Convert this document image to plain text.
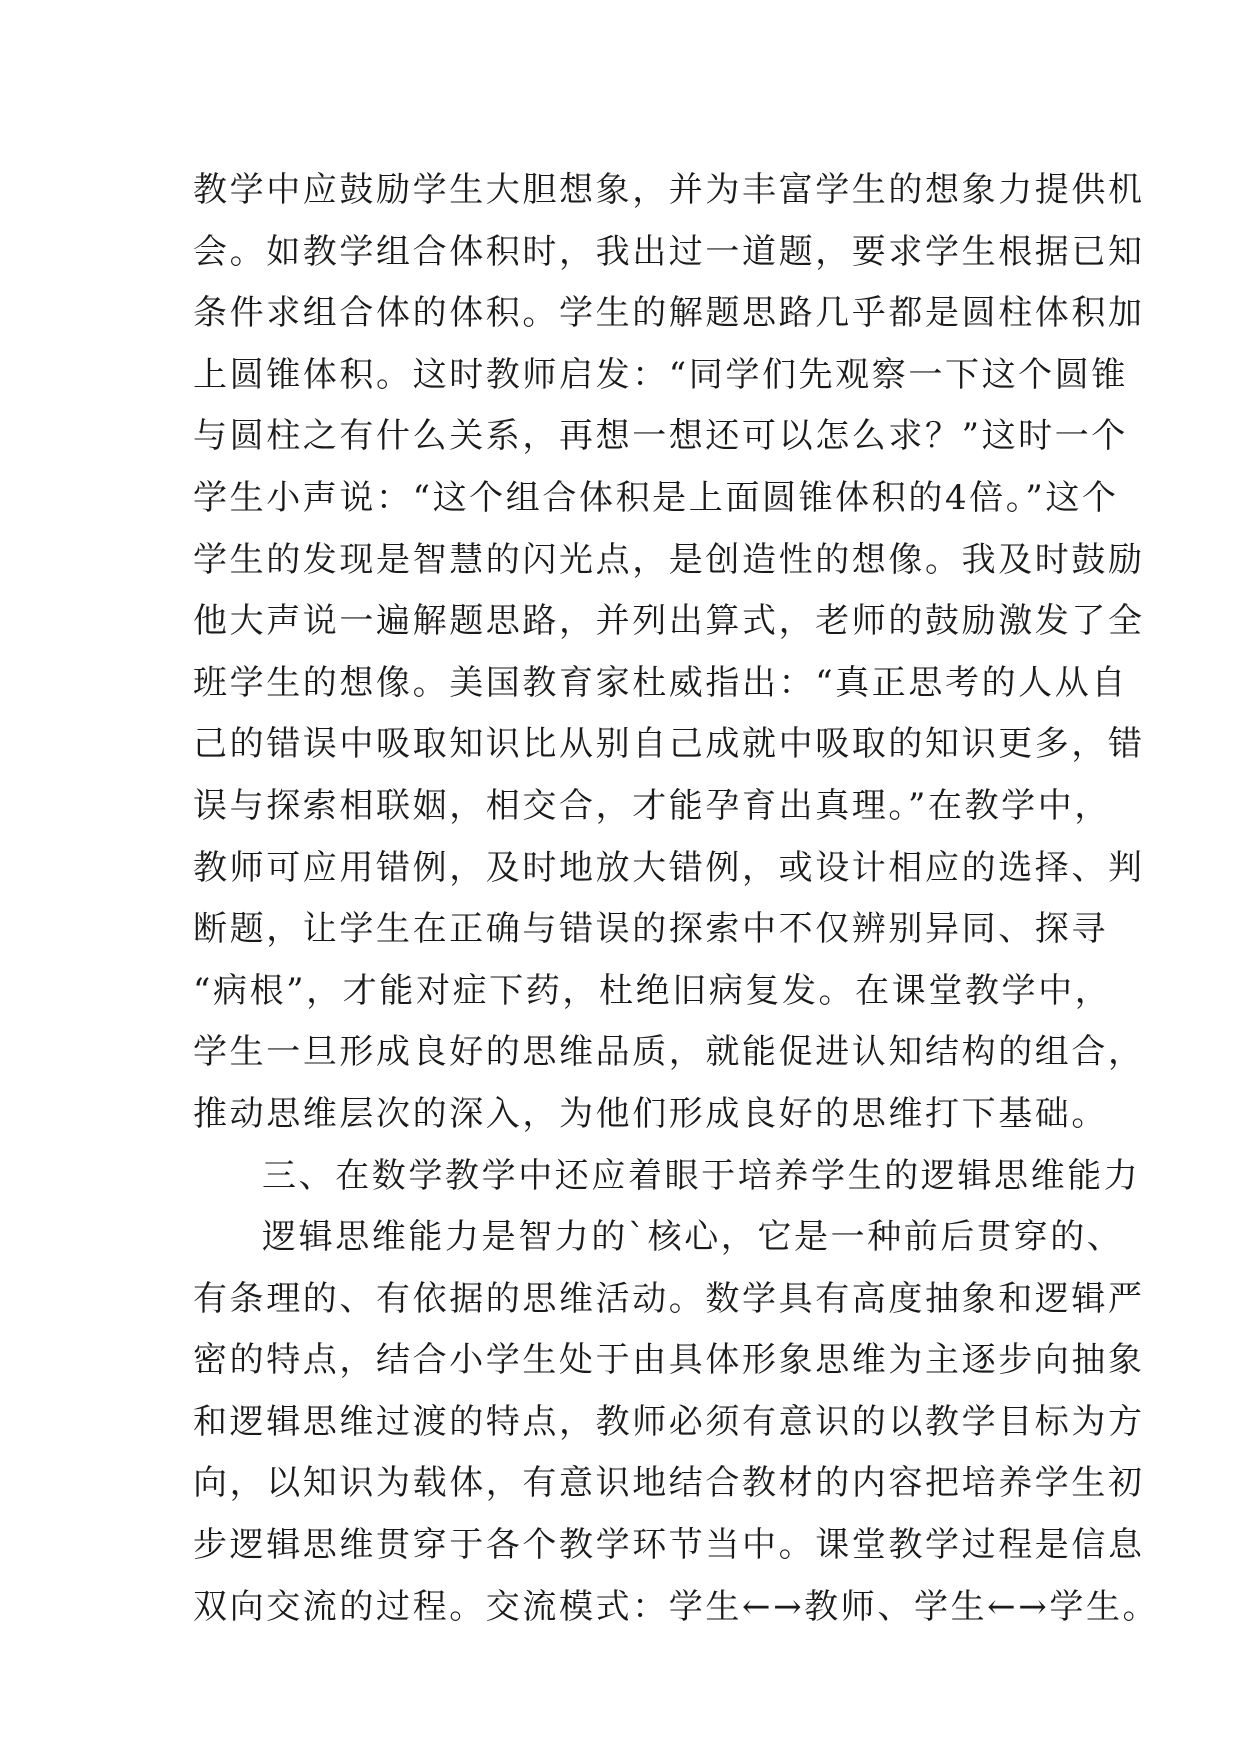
教学中应鼓励学生大胆想象，并为丰富学生的想象力提供机
会。如教学组合体积时，我出过一道题，要求学生根据已知
条件求组合体的体积。学生的解题思路几乎都是圆柱体积加
上圆锥体积。这时教师启发：“同学们先观察一下这个圆锥
与圆柱之有什么关系，再想一想还可以怎么求？”这时一个
学生小声说：“这个组合体积是上面圆锥体积的4倍。”这个
学生的发现是智慧的闪光点，是创造性的想像。我及时鼓励
他大声说一遍解题思路，并列出算式，老师的鼓励激发了全
班学生的想像。美国教育家杜威指出：“真正思考的人从自
己的错误中吸取知识比从别自己成就中吸取的知识更多，错
误与探索相联姻，相交合，才能孕育出真理。”在教学中，
教师可应用错例，及时地放大错例，或设计相应的选择、判
断题，让学生在正确与错误的探索中不仅辨别异同、探寻
“病根”，才能对症下药，杜绝旧病复发。在课堂教学中，
学生一旦形成良好的思维品质，就能促进认知结构的组合，
推动思维层次的深入，为他们形成良好的思维打下基础。
三、在数学教学中还应着眼于培养学生的逻辑思维能力
逻辑思维能力是智力的`核心，它是一种前后贯穿的、
有条理的、有依据的思维活动。数学具有高度抽象和逻辑严
密的特点，结合小学生处于由具体形象思维为主逐步向抽象
和逻辑思维过渡的特点，教师必须有意识的以教学目标为方
向，以知识为载体，有意识地结合教材的内容把培养学生初
步逻辑思维贯穿于各个教学环节当中。课堂教学过程是信息
双向交流的过程。交流模式：学生←→教师、学生←→学生。
